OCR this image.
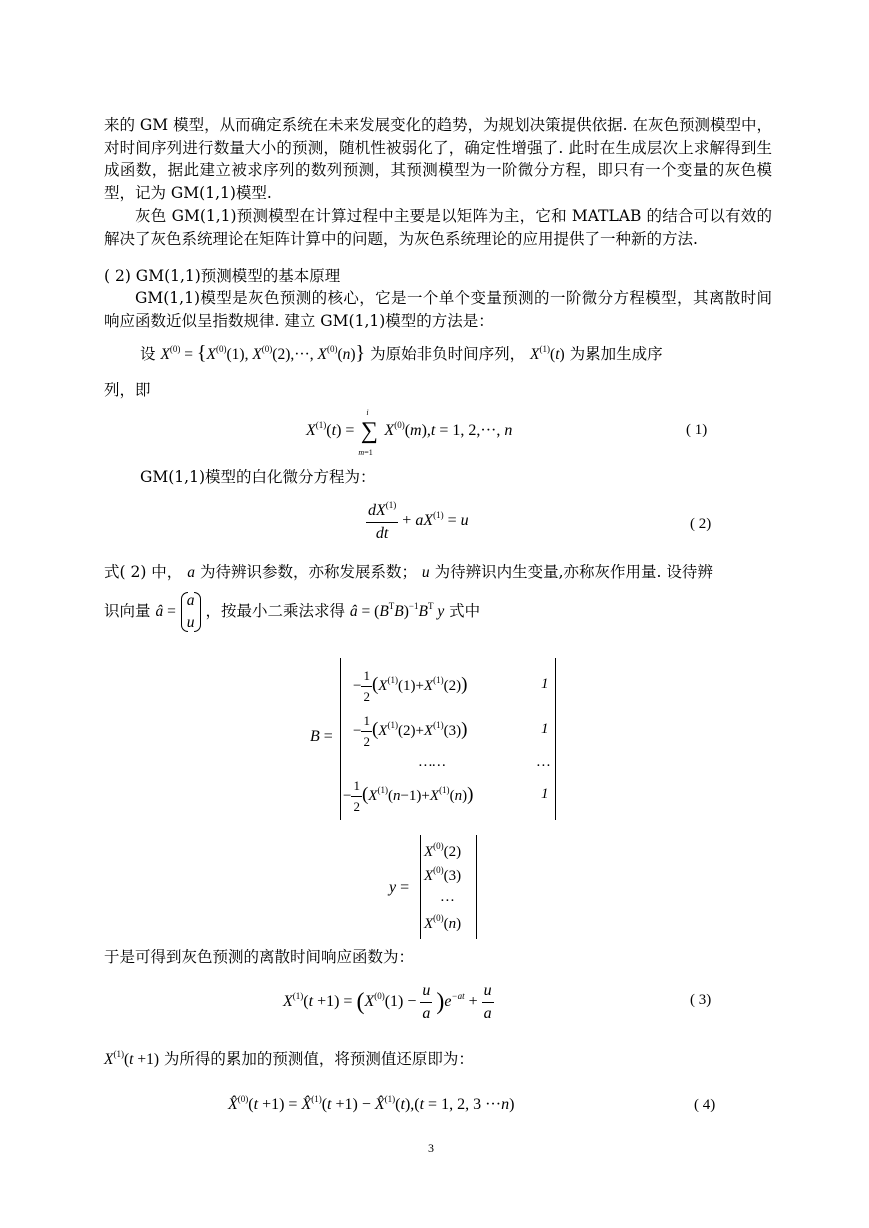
来的 GM 模型，从而确定系统在未来发展变化的趋势，为规划决策提供依据. 在灰色预测模型中，对时间序列进行数量大小的预测，随机性被弱化了，确定性增强了. 此时在生成层次上求解得到生成函数，据此建立被求序列的数列预测，其预测模型为一阶微分方程，即只有一个变量的灰色模型，记为 GM(1,1)模型.

灰色 GM(1,1)预测模型在计算过程中主要是以矩阵为主，它和 MATLAB 的结合可以有效的解决了灰色系统理论在矩阵计算中的问题，为灰色系统理论的应用提供了一种新的方法.

( 2) GM(1,1)预测模型的基本原理

GM(1,1)模型是灰色预测的核心，它是一个单个变量预测的一阶微分方程模型，其离散时间响应函数近似呈指数规律. 建立 GM(1,1)模型的方法是：

设 $X^{(0)} = \{X^{(0)}(1)$, $X^{(0)}(2),\cdot\cdot\cdot$, $X^{(0)}(n)$} 为原始非负时间序列， $X^{(1)}(t)$ 为累加生成序
列，即
$X^{(1)}(t)$ =
i
∑
m=1
$X^{(0)}(m),t = 1$, 2,···, n	( 1)
GM(1,1)模型的白化微分方程为：
$\frac{dX^{(1)}}{dt} + aX^{(1)} = u$	( 2)
式( 2) 中， a 为待辨识参数，亦称发展系数； u 为待辨识内生变量,亦称灰作用量. 设待辨
识向量 â = a
u ，按最小二乘法求得 â = $(B^TB)^{-1}B^T$ y 式中
B =
− $\frac{1}{2} (X^{(1)}(1)+X^{(1)}(2))$	1
− $\frac{1}{2} (X^{(1)}(2)+X^{(1)}(3))$	1
……	…
− $\frac{1}{2} (X^{(1)}(n-1)+X^{(1)}(n))$	1
y =
$X^{(0)}(2)$
$X^{(0)}(3)$
…
$X^{(0)}(n)$
于是可得到灰色预测的离散时间响应函数为：
$X^{(1)}(t +1) = (X^{(0)}(1) - \frac{u}{a} )e^{-at} + \frac{u}{a}$	( 3)
$X^{(1)}(t +1)$ 为所得的累加的预测值，将预测值还原即为：
X̂$^{(0)}$(t +1) = X̂$^{(1)}$(t +1) − X̂$^{(1)}$(t),(t = 1, 2, 3 ···n)	( 4)
3
